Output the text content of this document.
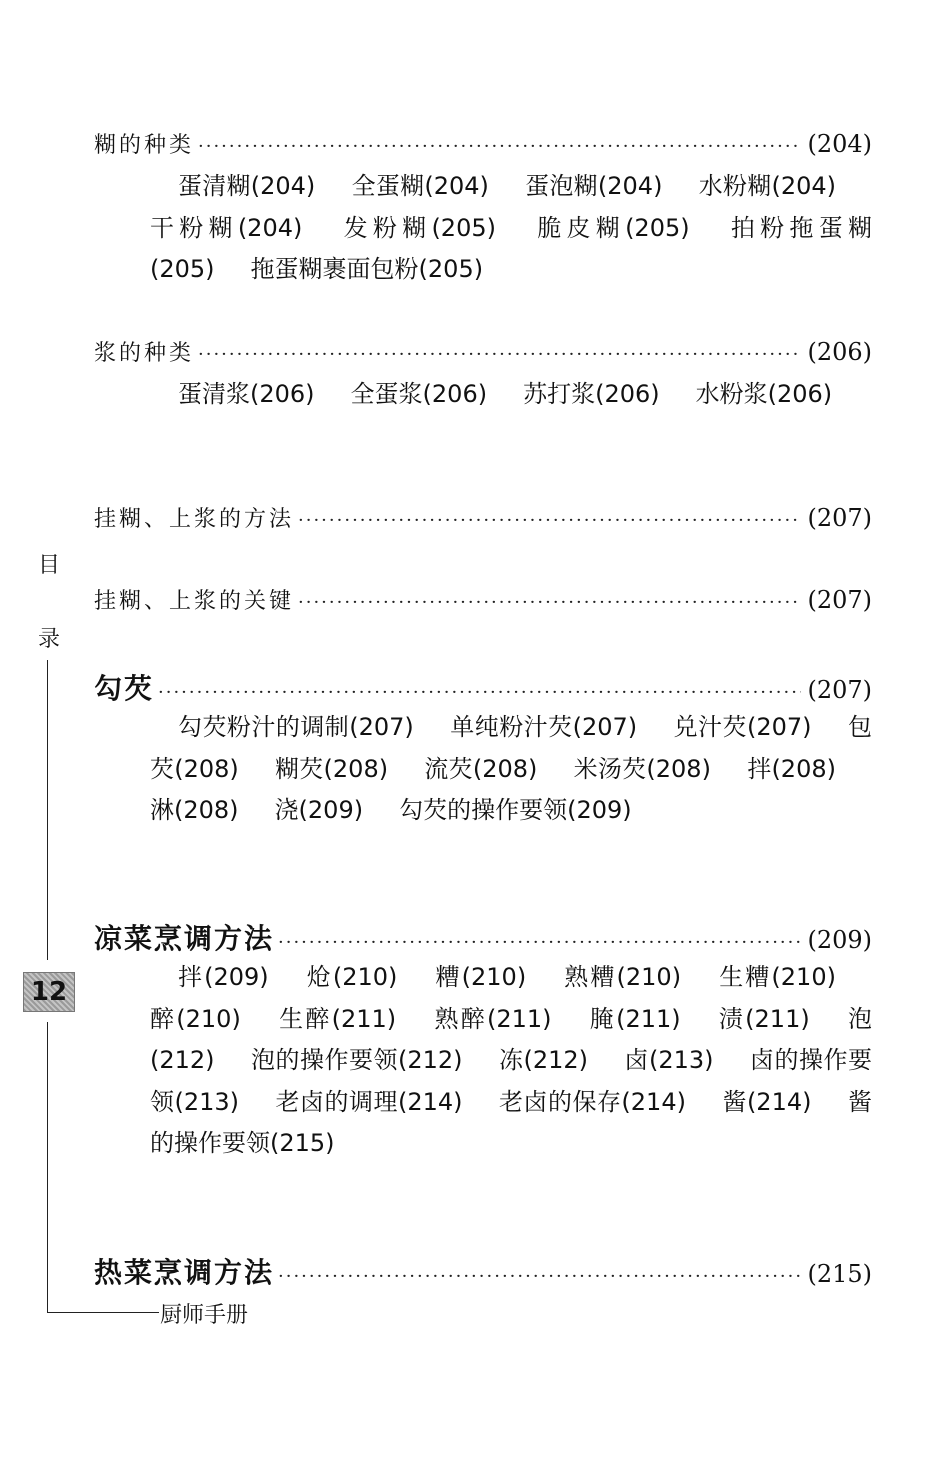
糊的种类 ·····	(204)
蛋清糊(204) 全蛋糊(204) 蛋泡糊(204) 水粉糊(204)干粉糊(204) 发粉糊(205) 脆皮糊(205) 拍粉拖蛋糊(205) 拖蛋糊裹面包粉(205)
浆的种类 ·····	(206)
蛋清浆(206) 全蛋浆(206) 苏打浆(206) 水粉浆(206)
挂糊、上浆的方法 ·····	(207)
挂糊、上浆的关键 ·····	(207)
勾芡 ·····	(207)
勾芡粉汁的调制(207) 单纯粉汁芡(207) 兑汁芡(207) 包芡(208) 糊芡(208) 流芡(208) 米汤芡(208) 拌(208)淋(208) 浇(209) 勾芡的操作要领(209)
凉菜烹调方法 ·····	(209)
拌(209) 炝(210) 糟(210) 熟糟(210) 生糟(210)醉(210) 生醉(211) 熟醉(211) 腌(211) 渍(211) 泡(212) 泡的操作要领(212) 冻(212) 卤(213) 卤的操作要领(213) 老卤的调理(214) 老卤的保存(214) 酱(214) 酱的操作要领(215)
热菜烹调方法 ·····	(215)
目
录
12
厨师手册
